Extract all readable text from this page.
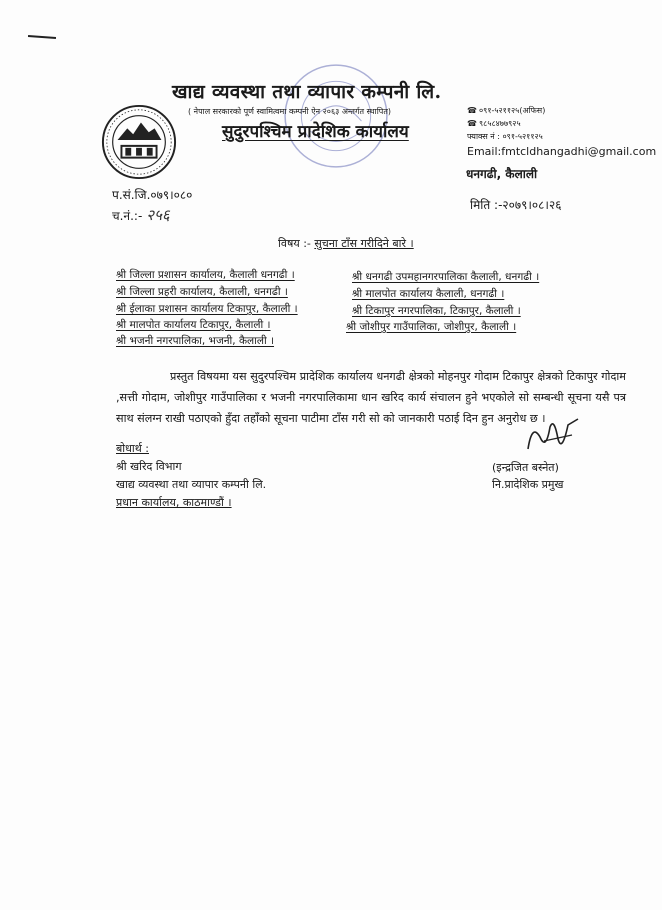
खाद्य व्यवस्था तथा व्यापार कम्पनी लि.
( नेपाल सरकारको पूर्ण स्वामित्वमा कम्पनी ऐन २०६३ अन्तर्गत स्थापित)
सुदुरपश्चिम प्रादेशिक कार्यालय
☎ ०९१-५२११२५(अफिस)
☎ ९८५८४७७९२५
फ्याक्स नं : ०९१-५२११२५
Email:fmtcldhangadhi@gmail.com
धनगढी, कैलाली
मिति :-२०७९।०८।२६
प.सं.जि.०७९।०८०
च.नं.:- २५६
विषय :- सुचना टाँस गरीदिने बारे ।
श्री जिल्ला प्रशासन कार्यालय, कैलाली धनगढी ।	श्री धनगढी उपमहानगरपालिका कैलाली, धनगढी ।
श्री जिल्ला प्रहरी कार्यालय, कैलाली, धनगढी ।	श्री मालपोत कार्यालय कैलाली, धनगढी ।
श्री ईलाका प्रशासन कार्यालय टिकापुर, कैलाली ।	श्री टिकापुर नगरपालिका, टिकापुर, कैलाली ।
श्री मालपोत कार्यालय टिकापुर, कैलाली ।	श्री जोशीपुर गाउँपालिका, जोशीपुर, कैलाली ।
श्री भजनी नगरपालिका, भजनी, कैलाली ।
प्रस्तुत विषयमा यस सुदुरपश्चिम प्रादेशिक कार्यालय धनगढी क्षेत्रको मोहनपुर गोदाम टिकापुर क्षेत्रको टिकापुर गोदाम ,सत्ती गोदाम, जोशीपुर गाउँपालिका र भजनी नगरपालिकामा धान खरिद कार्य संचालन हुने भएकोले सो सम्बन्धी सूचना यसै पत्र साथ संलग्न राखी पठाएको हुँदा तहाँको सूचना पाटीमा टाँस गरी सो को जानकारी पठाई दिन हुन अनुरोध छ ।
(इन्द्रजित बस्नेत)
नि.प्रादेशिक प्रमुख
बोधार्थ :
श्री खरिद विभाग
खाद्य व्यवस्था तथा व्यापार कम्पनी लि.
प्रधान कार्यालय, काठमाण्डौं ।
